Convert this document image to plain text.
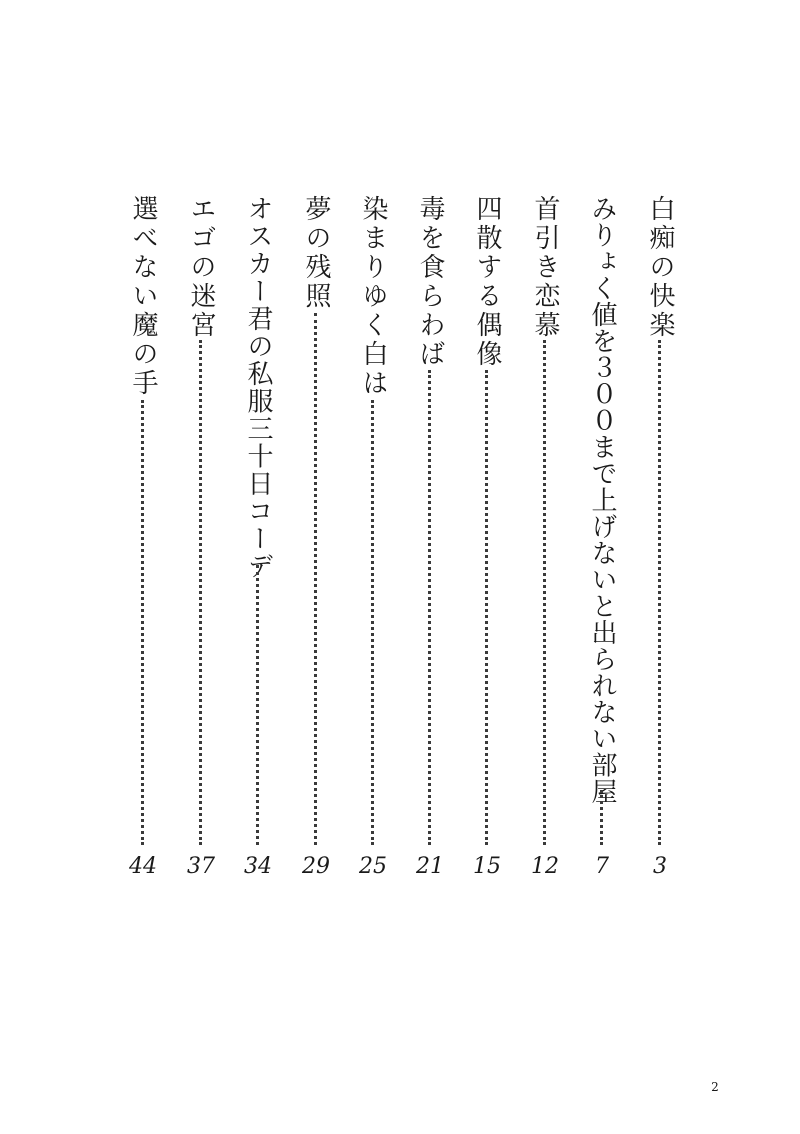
白痴の快楽
3
みりょく値を３００まで上げないと出られない部屋
7
首引き恋慕
12
四散する偶像
15
毒を食らわば
21
染まりゆく白は
25
夢の残照
29
オスカー君の私服三十日コーデ
34
エゴの迷宮
37
選べない魔の手
44
2
